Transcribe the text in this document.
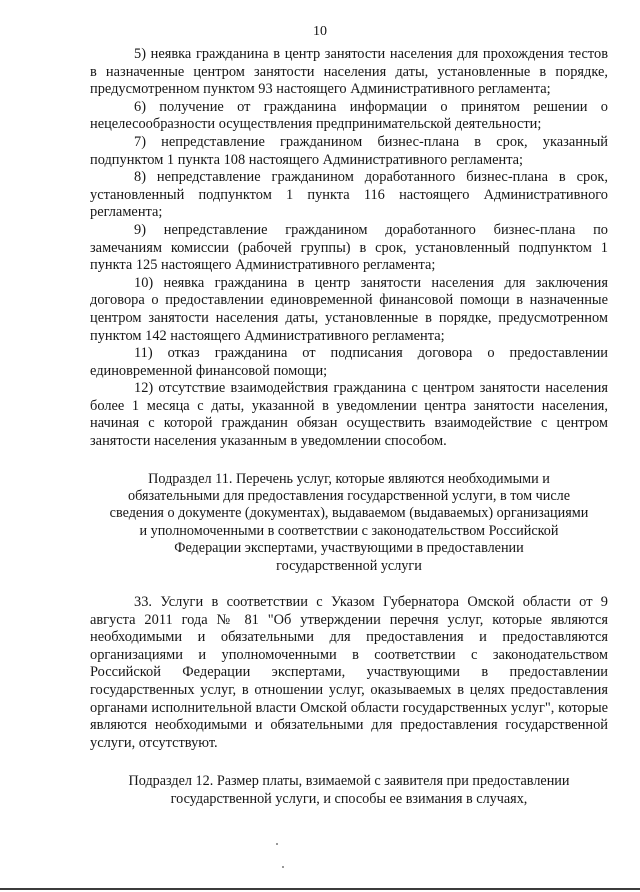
10

5) неявка гражданина в центр занятости населения для прохождения тестов в назначенные центром занятости населения даты, установленные в порядке, предусмотренном пунктом 93 настоящего Административного регламента;

6) получение от гражданина информации о принятом решении о нецелесообразности осуществления предпринимательской деятельности;

7) непредставление гражданином бизнес-плана в срок, указанный подпунктом 1 пункта 108 настоящего Административного регламента;

8) непредставление гражданином доработанного бизнес-плана в срок, установленный подпунктом 1 пункта 116 настоящего Административного регламента;

9) непредставление гражданином доработанного бизнес-плана по замечаниям комиссии (рабочей группы) в срок, установленный подпунктом 1 пункта 125 настоящего Административного регламента;

10) неявка гражданина в центр занятости населения для заключения договора о предоставлении единовременной финансовой помощи в назначенные центром занятости населения даты, установленные в порядке, предусмотренном пунктом 142 настоящего Административного регламента;

11) отказ гражданина от подписания договора о предоставлении единовременной финансовой помощи;

12) отсутствие взаимодействия гражданина с центром занятости населения более 1 месяца с даты, указанной в уведомлении центра занятости населения, начиная с которой гражданин обязан осуществить взаимодействие с центром занятости населения указанным в уведомлении способом.

Подраздел 11. Перечень услуг, которые являются необходимыми и
обязательными для предоставления государственной услуги, в том числе
сведения о документе (документах), выдаваемом (выдаваемых) организациями
и уполномоченными в соответствии с законодательством Российской
Федерации экспертами, участвующими в предоставлении
государственной услуги

33. Услуги в соответствии с Указом Губернатора Омской области от 9 августа 2011 года № 81 "Об утверждении перечня услуг, которые являются необходимыми и обязательными для предоставления и предоставляются организациями и уполномоченными в соответствии с законодательством Российской Федерации экспертами, участвующими в предоставлении государственных услуг, в отношении услуг, оказываемых в целях предоставления органами исполнительной власти Омской области государственных услуг", которые являются необходимыми и обязательными для предоставления государственной услуги, отсутствуют.

Подраздел 12. Размер платы, взимаемой с заявителя при предоставлении
государственной услуги, и способы ее взимания в случаях,
